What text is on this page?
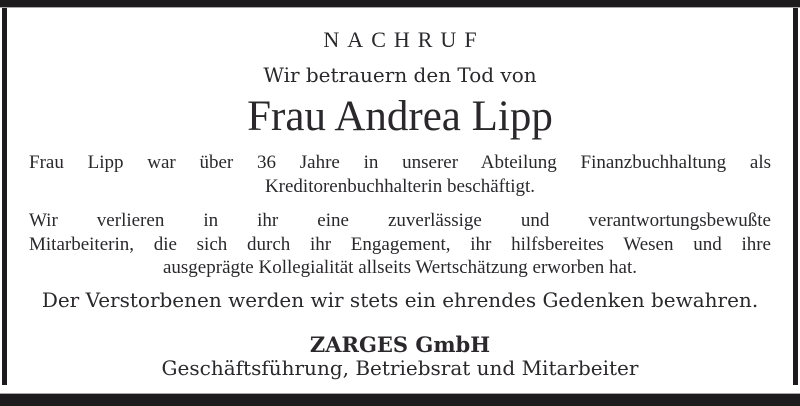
NACHRUF
Wir betrauern den Tod von
Frau Andrea Lipp
Frau Lipp war über 36 Jahre in unserer Abteilung Finanzbuchhaltung als
Kreditorenbuchhalterin beschäftigt.
Wir verlieren in ihr eine zuverlässige und verantwortungsbewußte
Mitarbeiterin, die sich durch ihr Engagement, ihr hilfsbereites Wesen und ihre
ausgeprägte Kollegialität allseits Wertschätzung erworben hat.
Der Verstorbenen werden wir stets ein ehrendes Gedenken bewahren.
ZARGES GmbH
Geschäftsführung, Betriebsrat und Mitarbeiter
